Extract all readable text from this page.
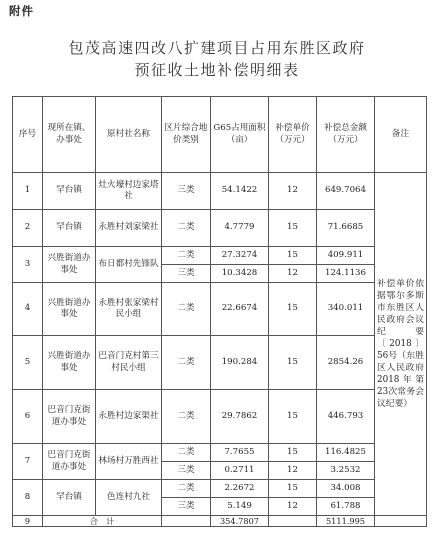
附件
包茂高速四改八扩建项目占用东胜区政府
预征收土地补偿明细表
序号	现所在镇、办事处	原村社名称	区片综合地价类别	G65占用面积（亩）	补偿单价（万元）	补偿总金额（万元）	备注
1	罕台镇	灶火壕村边家塔社	三类	54.1422	12	649.7064	补偿单价依据鄂尔多斯市东胜区人民政府会议纪要〔2018〕56号（东胜区人民政府2018年第23次常务会议纪要）
2	罕台镇	永胜村刘家梁社	二类	4.7779	15	71.6685	
3	兴胜街道办事处	布日都村先锋队	二类	27.3274	15	409.911	
			三类	10.3428	12	124.1136	
4	兴胜街道办事处	永胜村张家梁村民小组	二类	22.6674	15	340.011	
5	兴胜街道办事处	巴音门克村第三村民小组	二类	190.284	15	2854.26	
6	巴音门克街道办事处	永胜村边家渠社	二类	29.7862	15	446.793	
7	巴音门克街道办事处	林场村万胜西社	二类	7.7655	15	116.4825	
			三类	0.2711	12	3.2532	
8	罕台镇	色连村九社	二类	2.2672	15	34.008	
			三类	5.149	12	61.788	
9	合　计			354.7807		5111.995	
